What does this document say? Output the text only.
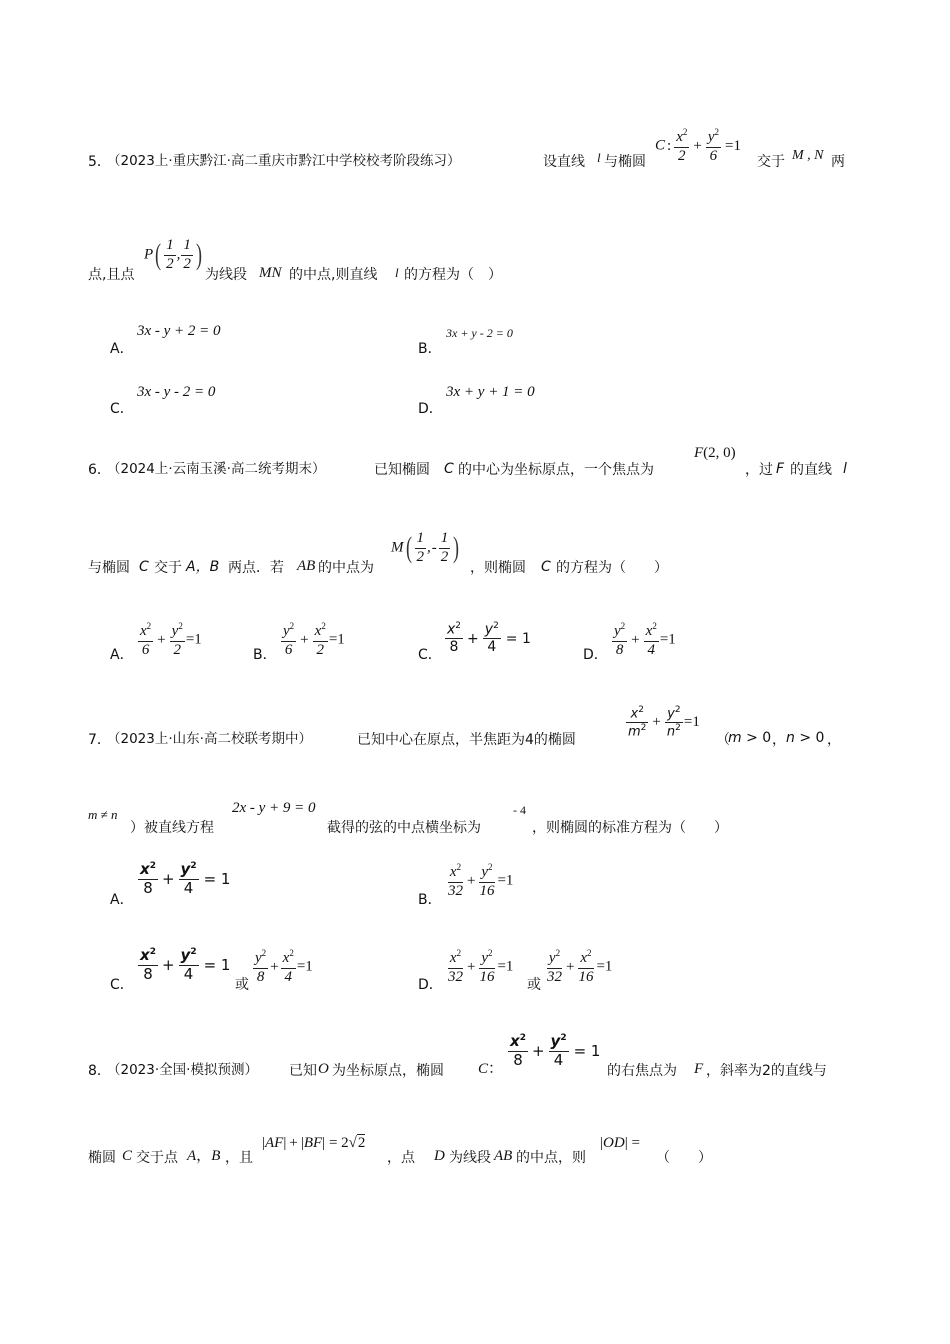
5．
（2023上·重庆黔江·高二重庆市黔江中学校校考阶段练习）	设直线 l 与椭圆
C : $\frac{x^2}{2} + \frac{y^2}{6} =1$
交于 M , N 两
点,且点
$P( \frac{1}{2}$ , $\frac{1}{2}$ )
为线段 MN 的中点,则直线 l 的方程为（　）
A．
3x - y + 2 = 0
B．
3x + y - 2 = 0
C．
3x - y - 2 = 0
D．
3x + y + 1 = 0
6．
（2024上·云南玉溪·高二统考期末）	已知椭圆 C 的中心为坐标原点，一个焦点为
F(2, 0)
，过 F 的直线 l
与椭圆 C 交于 A，B 两点．若 AB 的中点为
$M( \frac{1}{2}$ ,- $\frac{1}{2}$ )
，则椭圆 C 的方程为（　　）
A． $\frac{x^2}{6} + \frac{y^2}{2} =1$
B． $\frac{y^2}{6} + \frac{x^2}{2} =1$
C． $\frac{x^2}{8} + \frac{y^2}{4} = 1$
D． $\frac{y^2}{8} + \frac{x^2}{4} =1$
7．
（2023上·山东·高二校联考期中）	已知中心在原点，半焦距为4的椭圆
$\frac{x^2}{m^2} + \frac{y^2}{n^2} =1$
（
m > 0 ， n > 0 ，
m ≠ n
）被直线方程
2x - y + 9 = 0
截得的弦的中点横坐标为
- 4
，则椭圆的标准方程为（　　）
A．
$\frac{x^2}{8} + \frac{y^2}{4} = 1$
B．
$\frac{x^2}{32} + \frac{y^2}{16} =1$
C．
$\frac{x^2}{8} + \frac{y^2}{4} = 1$
或 $\frac{y^2}{8} + \frac{x^2}{4} =1$
D． $\frac{x^2}{32} + \frac{y^2}{16} =1$
或 $\frac{y^2}{32} + \frac{x^2}{16} =1$
8．
（2023·全国·模拟预测） 已知 O 为坐标原点，椭圆 C：
$\frac{x^2}{8} + \frac{y^2}{4} = 1$
的右焦点为 F ，斜率为2的直线与
椭圆 C 交于点 A，B ，且
|AF| + |BF| = 2√2
，点 D 为线段 AB 的中点，则
|OD| =
（　　）
